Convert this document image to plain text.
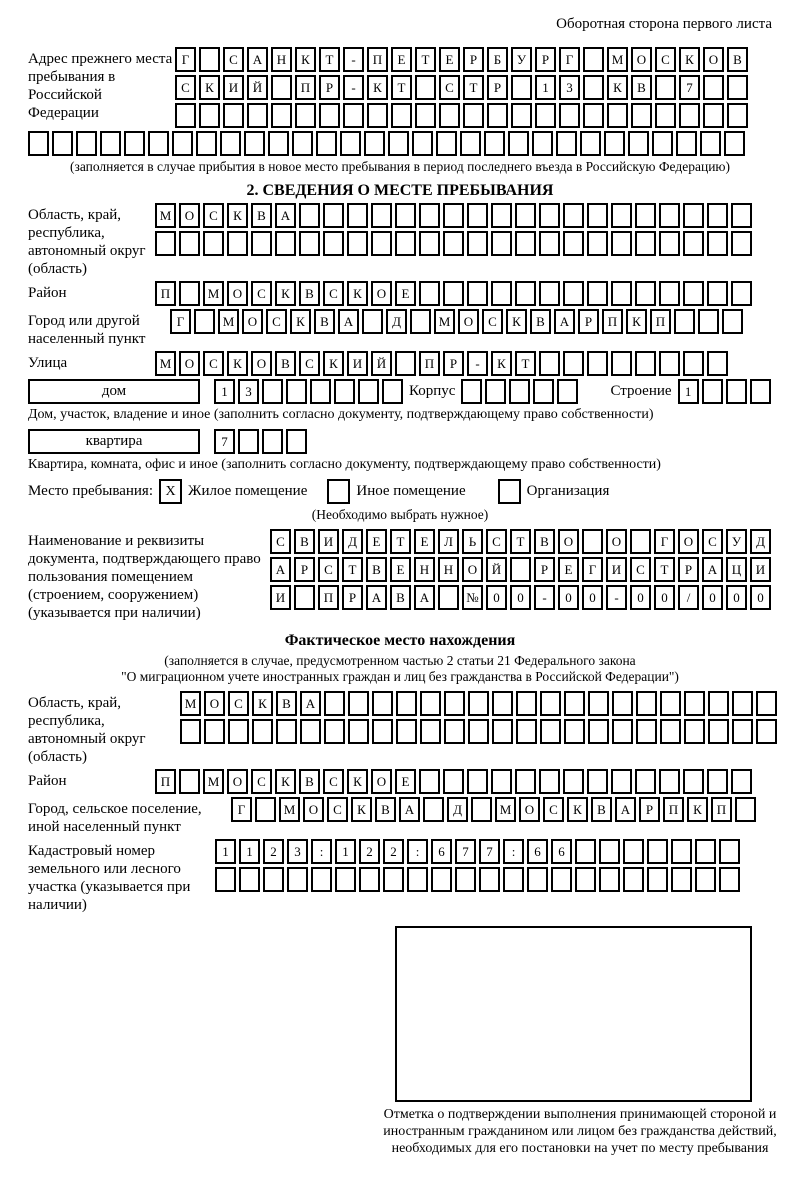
Оборотная сторона первого листа
Адрес прежнего места пребывания в Российской Федерации
Г	С	А	Н	К	Т	-	П	Е	Т	Е	Р	Б	У	Р	Г	М	О	С	К	О	В
С	К	И	Й	П	Р	-	К	Т	С	Т	Р	1	3	К	В	7
(заполняется в случае прибытия в новое место пребывания в период последнего въезда в Российскую Федерацию)
2. СВЕДЕНИЯ О МЕСТЕ ПРЕБЫВАНИЯ
Область, край, республика, автономный округ (область)
М	О	С	К	В	А
Район	П	М	О	С	К	В	С	К	О	Е
Город или другой населенный пункт
Г	М	О	С	К	В	А	Д	М	О	С	К	В	А	Р	П	К	П
Улица	М	О	С	К	О	В	С	К	И	Й	П	Р	-	К	Т
дом	1	3	Корпус	Строение	1
Дом, участок, владение и иное (заполнить согласно документу, подтверждающему право собственности)
квартира	7
Квартира, комната, офис и иное (заполнить согласно документу, подтверждающему право собственности)
Место пребывания: X Жилое помещение	Иное помещение	Организация
(Необходимо выбрать нужное)
Наименование и реквизиты документа, подтверждающего право пользования помещением (строением, сооружением) (указывается при наличии)
С	В	И	Д	Е	Т	Е	Л	Ь	С	Т	В	О	О	Г	О	С	У	Д
А	Р	С	Т	В	Е	Н	Н	О	Й	Р	Е	Г	И	С	Т	Р	А	Ц	И
И	П	Р	А	В	А	№	0	0	-	0	0	-	0	0	/	0	0	0
Фактическое место нахождения
(заполняется в случае, предусмотренном частью 2 статьи 21 Федерального закона
"О миграционном учете иностранных граждан и лиц без гражданства в Российской Федерации")
Область, край, республика, автономный округ (область)
М	О	С	К	В	А
Район	П	М	О	С	К	В	С	К	О	Е
Город, сельское поселение, иной населенный пункт
Г	М	О	С	К	В	А	Д	М	О	С	К	В	А	Р	П	К	П
Кадастровый номер земельного или лесного участка (указывается при наличии)
1	1	2	3	:	1	2	2	:	6	7	7	:	6	6
Отметка о подтверждении выполнения принимающей стороной и иностранным гражданином или лицом без гражданства действий, необходимых для его постановки на учет по месту пребывания
